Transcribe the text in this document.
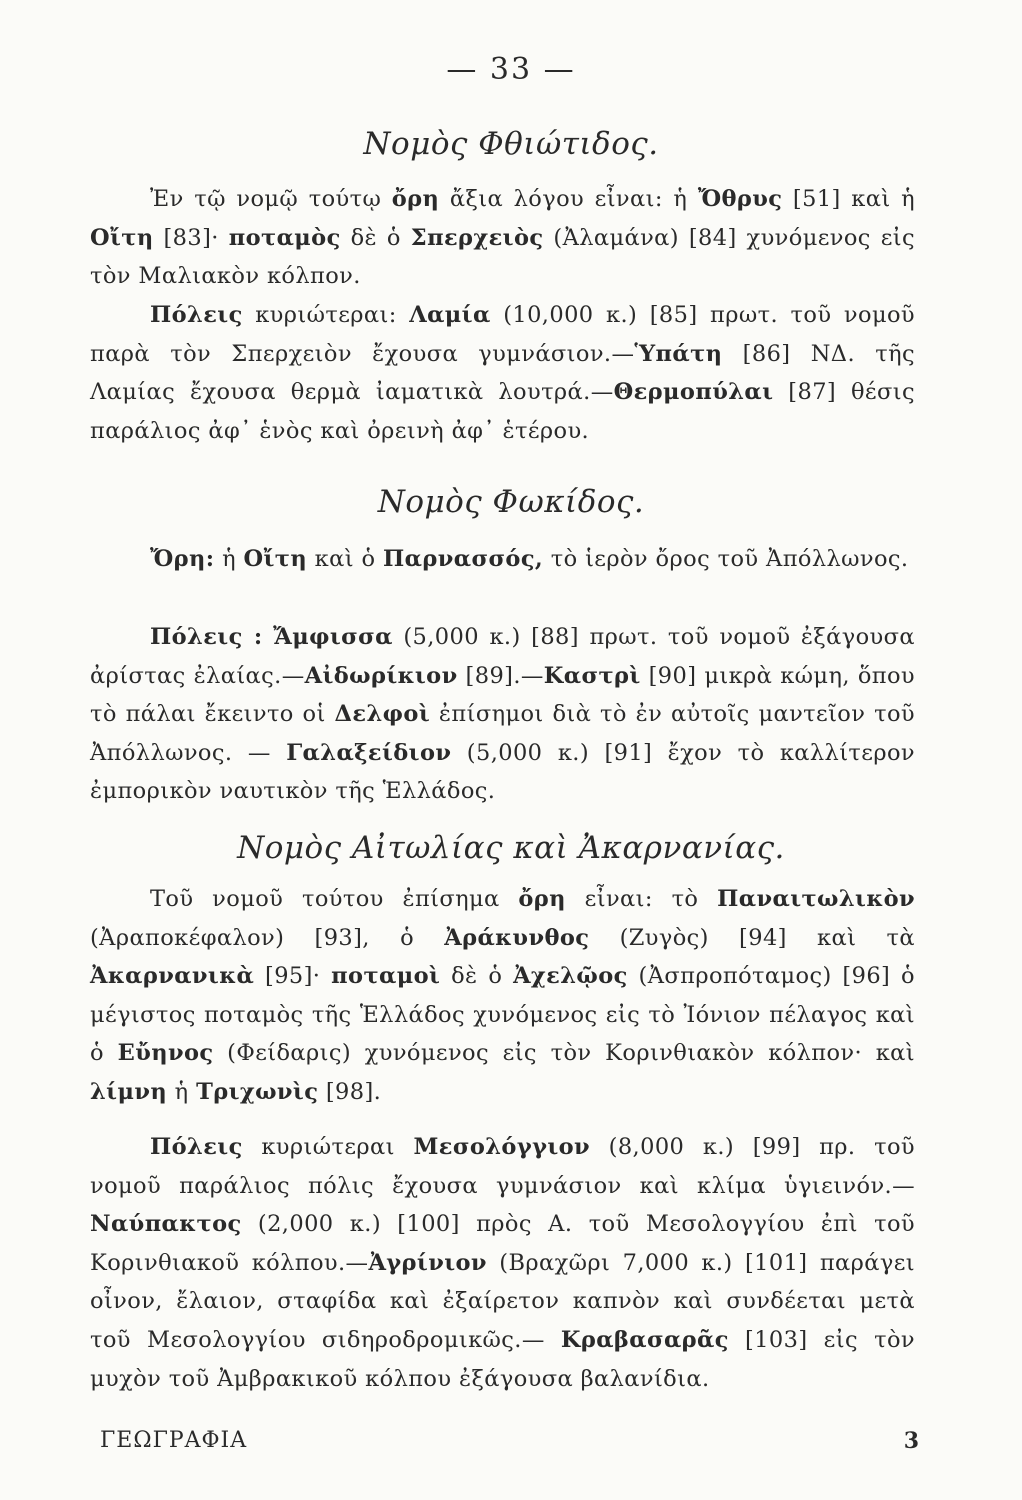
— 33 —
Νομὸς Φθιώτιδος.
Ἐν τῷ νομῷ τούτῳ ὄρη ἄξια λόγου εἶναι: ἡ Ὄθρυς [51] καὶ ἡ Οἴτη [83]· ποταμὸς δὲ ὁ Σπερχειὸς (Ἀλαμάνα) [84] χυνόμενος εἰς τὸν Μαλιακὸν κόλπον.
Πόλεις κυριώτεραι: Λαμία (10,000 κ.) [85] πρωτ. τοῦ νομοῦ παρὰ τὸν Σπερχειὸν ἔχουσα γυμνάσιον.—Ὑπάτη [86] ΝΔ. τῆς Λαμίας ἔχουσα θερμὰ ἰαματικὰ λουτρά.—Θερμοπύλαι [87] θέσις παράλιος ἀφ᾿ ἑνὸς καὶ ὀρεινὴ ἀφ᾿ ἑτέρου.
Νομὸς Φωκίδος.
Ὄρη: ἡ Οἴτη καὶ ὁ Παρνασσός, τὸ ἱερὸν ὄρος τοῦ Ἀπόλλωνος.
Πόλεις : Ἄμφισσα (5,000 κ.) [88] πρωτ. τοῦ νομοῦ ἐξάγουσα ἀρίστας ἐλαίας.—Αἰδωρίκιον [89].—Καστρὶ [90] μικρὰ κώμη, ὅπου τὸ πάλαι ἔκειντο οἱ Δελφοὶ ἐπίσημοι διὰ τὸ ἐν αὐτοῖς μαντεῖον τοῦ Ἀπόλλωνος. — Γαλαξείδιον (5,000 κ.) [91] ἔχον τὸ καλλίτερον ἐμπορικὸν ναυτικὸν τῆς Ἑλλάδος.
Νομὸς Αἰτωλίας καὶ Ἀκαρνανίας.
Τοῦ νομοῦ τούτου ἐπίσημα ὄρη εἶναι: τὸ Παναιτωλικὸν (Ἀραποκέφαλον) [93], ὁ Ἀράκυνθος (Ζυγὸς) [94] καὶ τὰ Ἀκαρνανικὰ [95]· ποταμοὶ δὲ ὁ Ἀχελῷος (Ἀσπροπόταμος) [96] ὁ μέγιστος ποταμὸς τῆς Ἑλλάδος χυνόμενος εἰς τὸ Ἰόνιον πέλαγος καὶ ὁ Εὔηνος (Φείδαρις) χυνόμενος εἰς τὸν Κορινθιακὸν κόλπον· καὶ λίμνη ἡ Τριχωνὶς [98].
Πόλεις κυριώτεραι Μεσολόγγιον (8,000 κ.) [99] πρ. τοῦ νομοῦ παράλιος πόλις ἔχουσα γυμνάσιον καὶ κλίμα ὑγιεινόν.—Ναύπακτος (2,000 κ.) [100] πρὸς Α. τοῦ Μεσολογγίου ἐπὶ τοῦ Κορινθιακοῦ κόλπου.—Ἀγρίνιον (Βραχῶρι 7,000 κ.) [101] παράγει οἶνον, ἔλαιον, σταφίδα καὶ ἐξαίρετον καπνὸν καὶ συνδέεται μετὰ τοῦ Μεσολογγίου σιδηροδρομικῶς.— Κραβασαρᾶς [103] εἰς τὸν μυχὸν τοῦ Ἀμβρακικοῦ κόλπου ἐξάγουσα βαλανίδια.
ΓΕΩΓΡΑΦΙΑ	3
